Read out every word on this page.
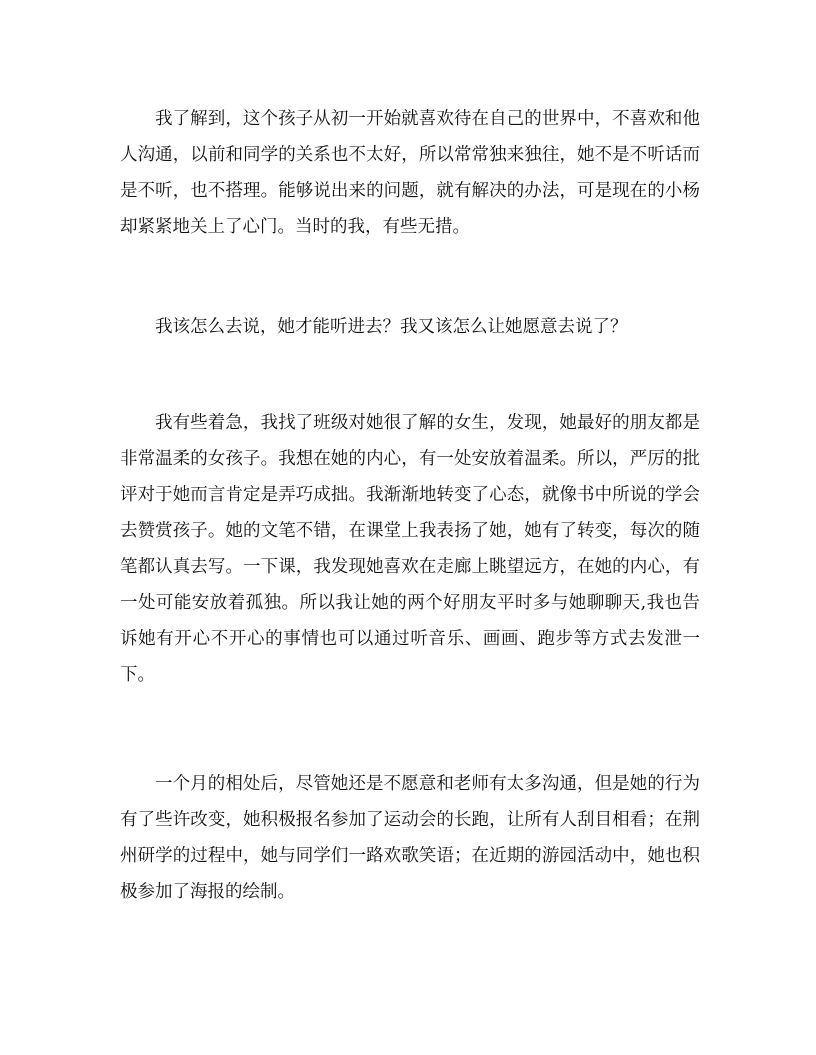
我了解到，这个孩子从初一开始就喜欢待在自己的世界中，不喜欢和他人沟通，以前和同学的关系也不太好，所以常常独来独往，她不是不听话而是不听，也不搭理。能够说出来的问题，就有解决的办法，可是现在的小杨却紧紧地关上了心门。当时的我，有些无措。

我该怎么去说，她才能听进去？我又该怎么让她愿意去说了？

我有些着急，我找了班级对她很了解的女生，发现，她最好的朋友都是非常温柔的女孩子。我想在她的内心，有一处安放着温柔。所以，严厉的批评对于她而言肯定是弄巧成拙。我渐渐地转变了心态，就像书中所说的学会去赞赏孩子。她的文笔不错，在课堂上我表扬了她，她有了转变，每次的随笔都认真去写。一下课，我发现她喜欢在走廊上眺望远方，在她的内心，有一处可能安放着孤独。所以我让她的两个好朋友平时多与她聊聊天,我也告诉她有开心不开心的事情也可以通过听音乐、画画、跑步等方式去发泄一下。

一个月的相处后，尽管她还是不愿意和老师有太多沟通，但是她的行为有了些许改变，她积极报名参加了运动会的长跑，让所有人刮目相看；在荆州研学的过程中，她与同学们一路欢歌笑语；在近期的游园活动中，她也积极参加了海报的绘制。
